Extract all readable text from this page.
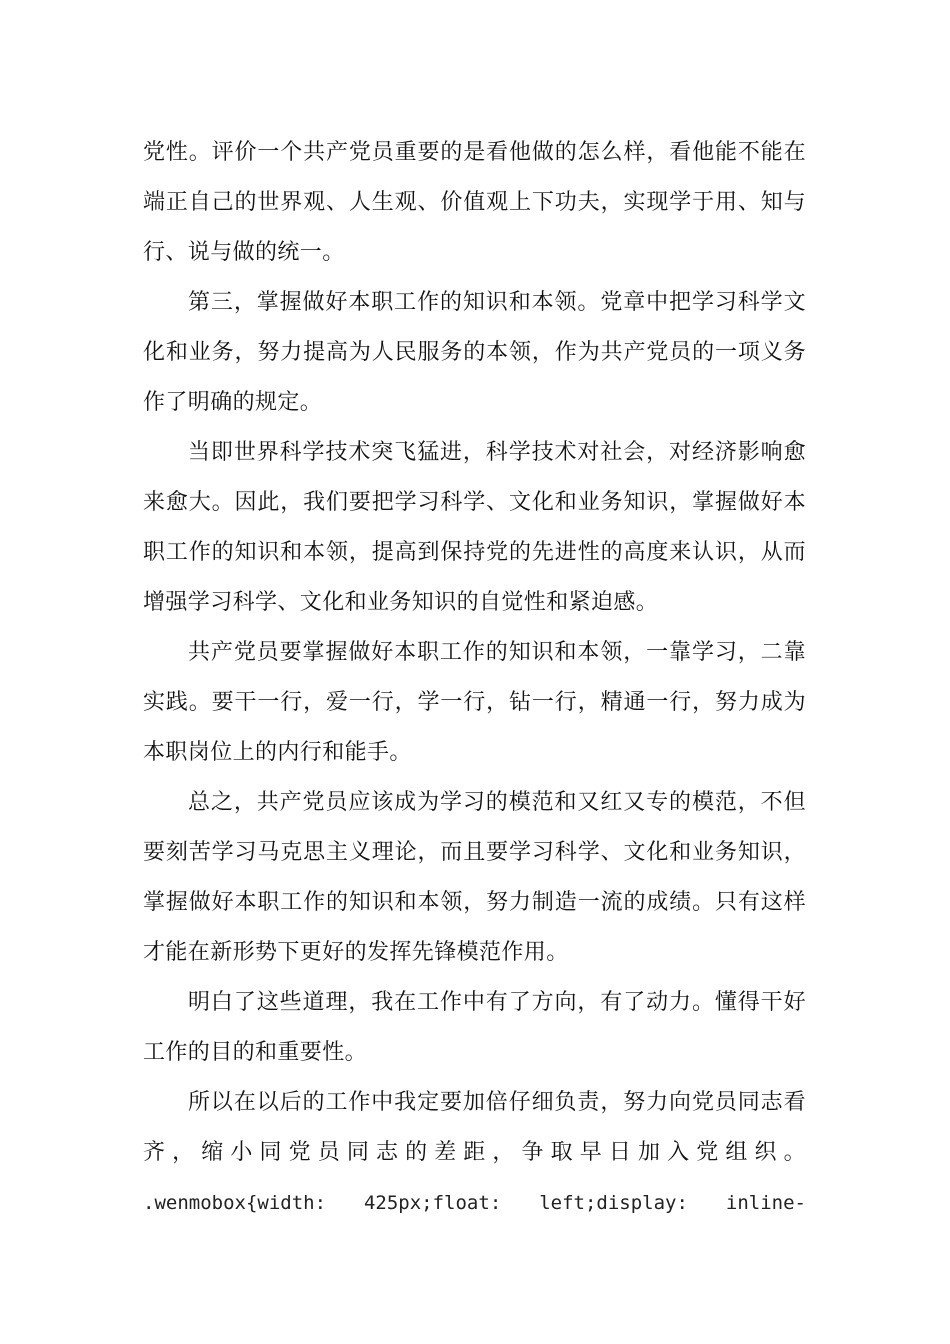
党性。评价一个共产党员重要的是看他做的怎么样，看他能不能在端正自己的世界观、人生观、价值观上下功夫，实现学于用、知与行、说与做的统一。

第三，掌握做好本职工作的知识和本领。党章中把学习科学文化和业务，努力提高为人民服务的本领，作为共产党员的一项义务作了明确的规定。

当即世界科学技术突飞猛进，科学技术对社会，对经济影响愈来愈大。因此，我们要把学习科学、文化和业务知识，掌握做好本职工作的知识和本领，提高到保持党的先进性的高度来认识，从而增强学习科学、文化和业务知识的自觉性和紧迫感。

共产党员要掌握做好本职工作的知识和本领，一靠学习，二靠实践。要干一行，爱一行，学一行，钻一行，精通一行，努力成为本职岗位上的内行和能手。

总之，共产党员应该成为学习的模范和又红又专的模范，不但要刻苦学习马克思主义理论，而且要学习科学、文化和业务知识，掌握做好本职工作的知识和本领，努力制造一流的成绩。只有这样才能在新形势下更好的发挥先锋模范作用。

明白了这些道理，我在工作中有了方向，有了动力。懂得干好工作的目的和重要性。

所以在以后的工作中我定要加倍仔细负责，努力向党员同志看齐，缩小同党员同志的差距，争取早日加入党组织。

.wenmobox{width: 425px;float: left;display: inline-
